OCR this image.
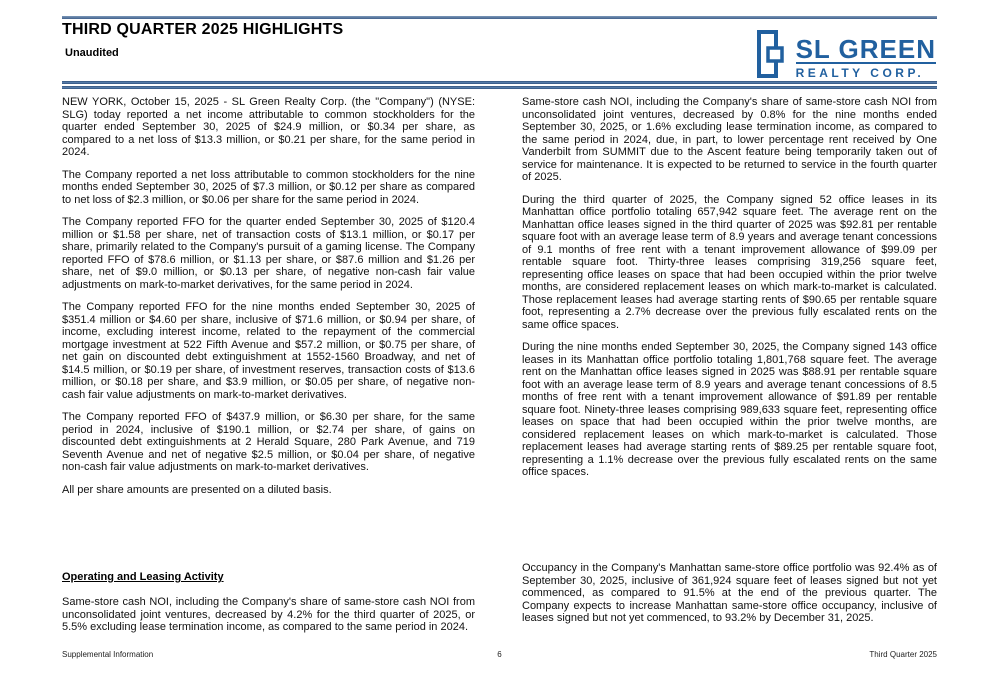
THIRD QUARTER 2025 HIGHLIGHTS
Unaudited	SL GREEN
REALTY CORP.

NEW YORK, October 15, 2025 - SL Green Realty Corp. (the "Company") (NYSE: SLG) today reported a net income attributable to common stockholders for the quarter ended September 30, 2025 of $24.9 million, or $0.34 per share, as compared to a net loss of $13.3 million, or $0.21 per share, for the same period in 2024.

The Company reported a net loss attributable to common stockholders for the nine months ended September 30, 2025 of $7.3 million, or $0.12 per share as compared to net loss of $2.3 million, or $0.06 per share for the same period in 2024.

The Company reported FFO for the quarter ended September 30, 2025 of $120.4 million or $1.58 per share, net of transaction costs of $13.1 million, or $0.17 per share, primarily related to the Company's pursuit of a gaming license. The Company reported FFO of $78.6 million, or $1.13 per share, or $87.6 million and $1.26 per share, net of $9.0 million, or $0.13 per share, of negative non-cash fair value adjustments on mark-to-market derivatives, for the same period in 2024.

The Company reported FFO for the nine months ended September 30, 2025 of $351.4 million or $4.60 per share, inclusive of $71.6 million, or $0.94 per share, of income, excluding interest income, related to the repayment of the commercial mortgage investment at 522 Fifth Avenue and $57.2 million, or $0.75 per share, of net gain on discounted debt extinguishment at 1552-1560 Broadway, and net of $14.5 million, or $0.19 per share, of investment reserves, transaction costs of $13.6 million, or $0.18 per share, and $3.9 million, or $0.05 per share, of negative non-cash fair value adjustments on mark-to-market derivatives.

The Company reported FFO of $437.9 million, or $6.30 per share, for the same period in 2024, inclusive of $190.1 million, or $2.74 per share, of gains on discounted debt extinguishments at 2 Herald Square, 280 Park Avenue, and 719 Seventh Avenue and net of negative $2.5 million, or $0.04 per share, of negative non-cash fair value adjustments on mark-to-market derivatives.

All per share amounts are presented on a diluted basis.

Operating and Leasing Activity

Same-store cash NOI, including the Company's share of same-store cash NOI from unconsolidated joint ventures, decreased by 4.2% for the third quarter of 2025, or 5.5% excluding lease termination income, as compared to the same period in 2024.

Same-store cash NOI, including the Company's share of same-store cash NOI from unconsolidated joint ventures, decreased by 0.8% for the nine months ended September 30, 2025, or 1.6% excluding lease termination income, as compared to the same period in 2024, due, in part, to lower percentage rent received by One Vanderbilt from SUMMIT due to the Ascent feature being temporarily taken out of service for maintenance. It is expected to be returned to service in the fourth quarter of 2025.

During the third quarter of 2025, the Company signed 52 office leases in its Manhattan office portfolio totaling 657,942 square feet. The average rent on the Manhattan office leases signed in the third quarter of 2025 was $92.81 per rentable square foot with an average lease term of 8.9 years and average tenant concessions of 9.1 months of free rent with a tenant improvement allowance of $99.09 per rentable square foot. Thirty-three leases comprising 319,256 square feet, representing office leases on space that had been occupied within the prior twelve months, are considered replacement leases on which mark-to-market is calculated. Those replacement leases had average starting rents of $90.65 per rentable square foot, representing a 2.7% decrease over the previous fully escalated rents on the same office spaces.

During the nine months ended September 30, 2025, the Company signed 143 office leases in its Manhattan office portfolio totaling 1,801,768 square feet. The average rent on the Manhattan office leases signed in 2025 was $88.91 per rentable square foot with an average lease term of 8.9 years and average tenant concessions of 8.5 months of free rent with a tenant improvement allowance of $91.89 per rentable square foot. Ninety-three leases comprising 989,633 square feet, representing office leases on space that had been occupied within the prior twelve months, are considered replacement leases on which mark-to-market is calculated. Those replacement leases had average starting rents of $89.25 per rentable square foot, representing a 1.1% decrease over the previous fully escalated rents on the same office spaces.

Occupancy in the Company's Manhattan same-store office portfolio was 92.4% as of September 30, 2025, inclusive of 361,924 square feet of leases signed but not yet commenced, as compared to 91.5% at the end of the previous quarter. The Company expects to increase Manhattan same-store office occupancy, inclusive of leases signed but not yet commenced, to 93.2% by December 31, 2025.

6
Supplemental Information	Third Quarter 2025
